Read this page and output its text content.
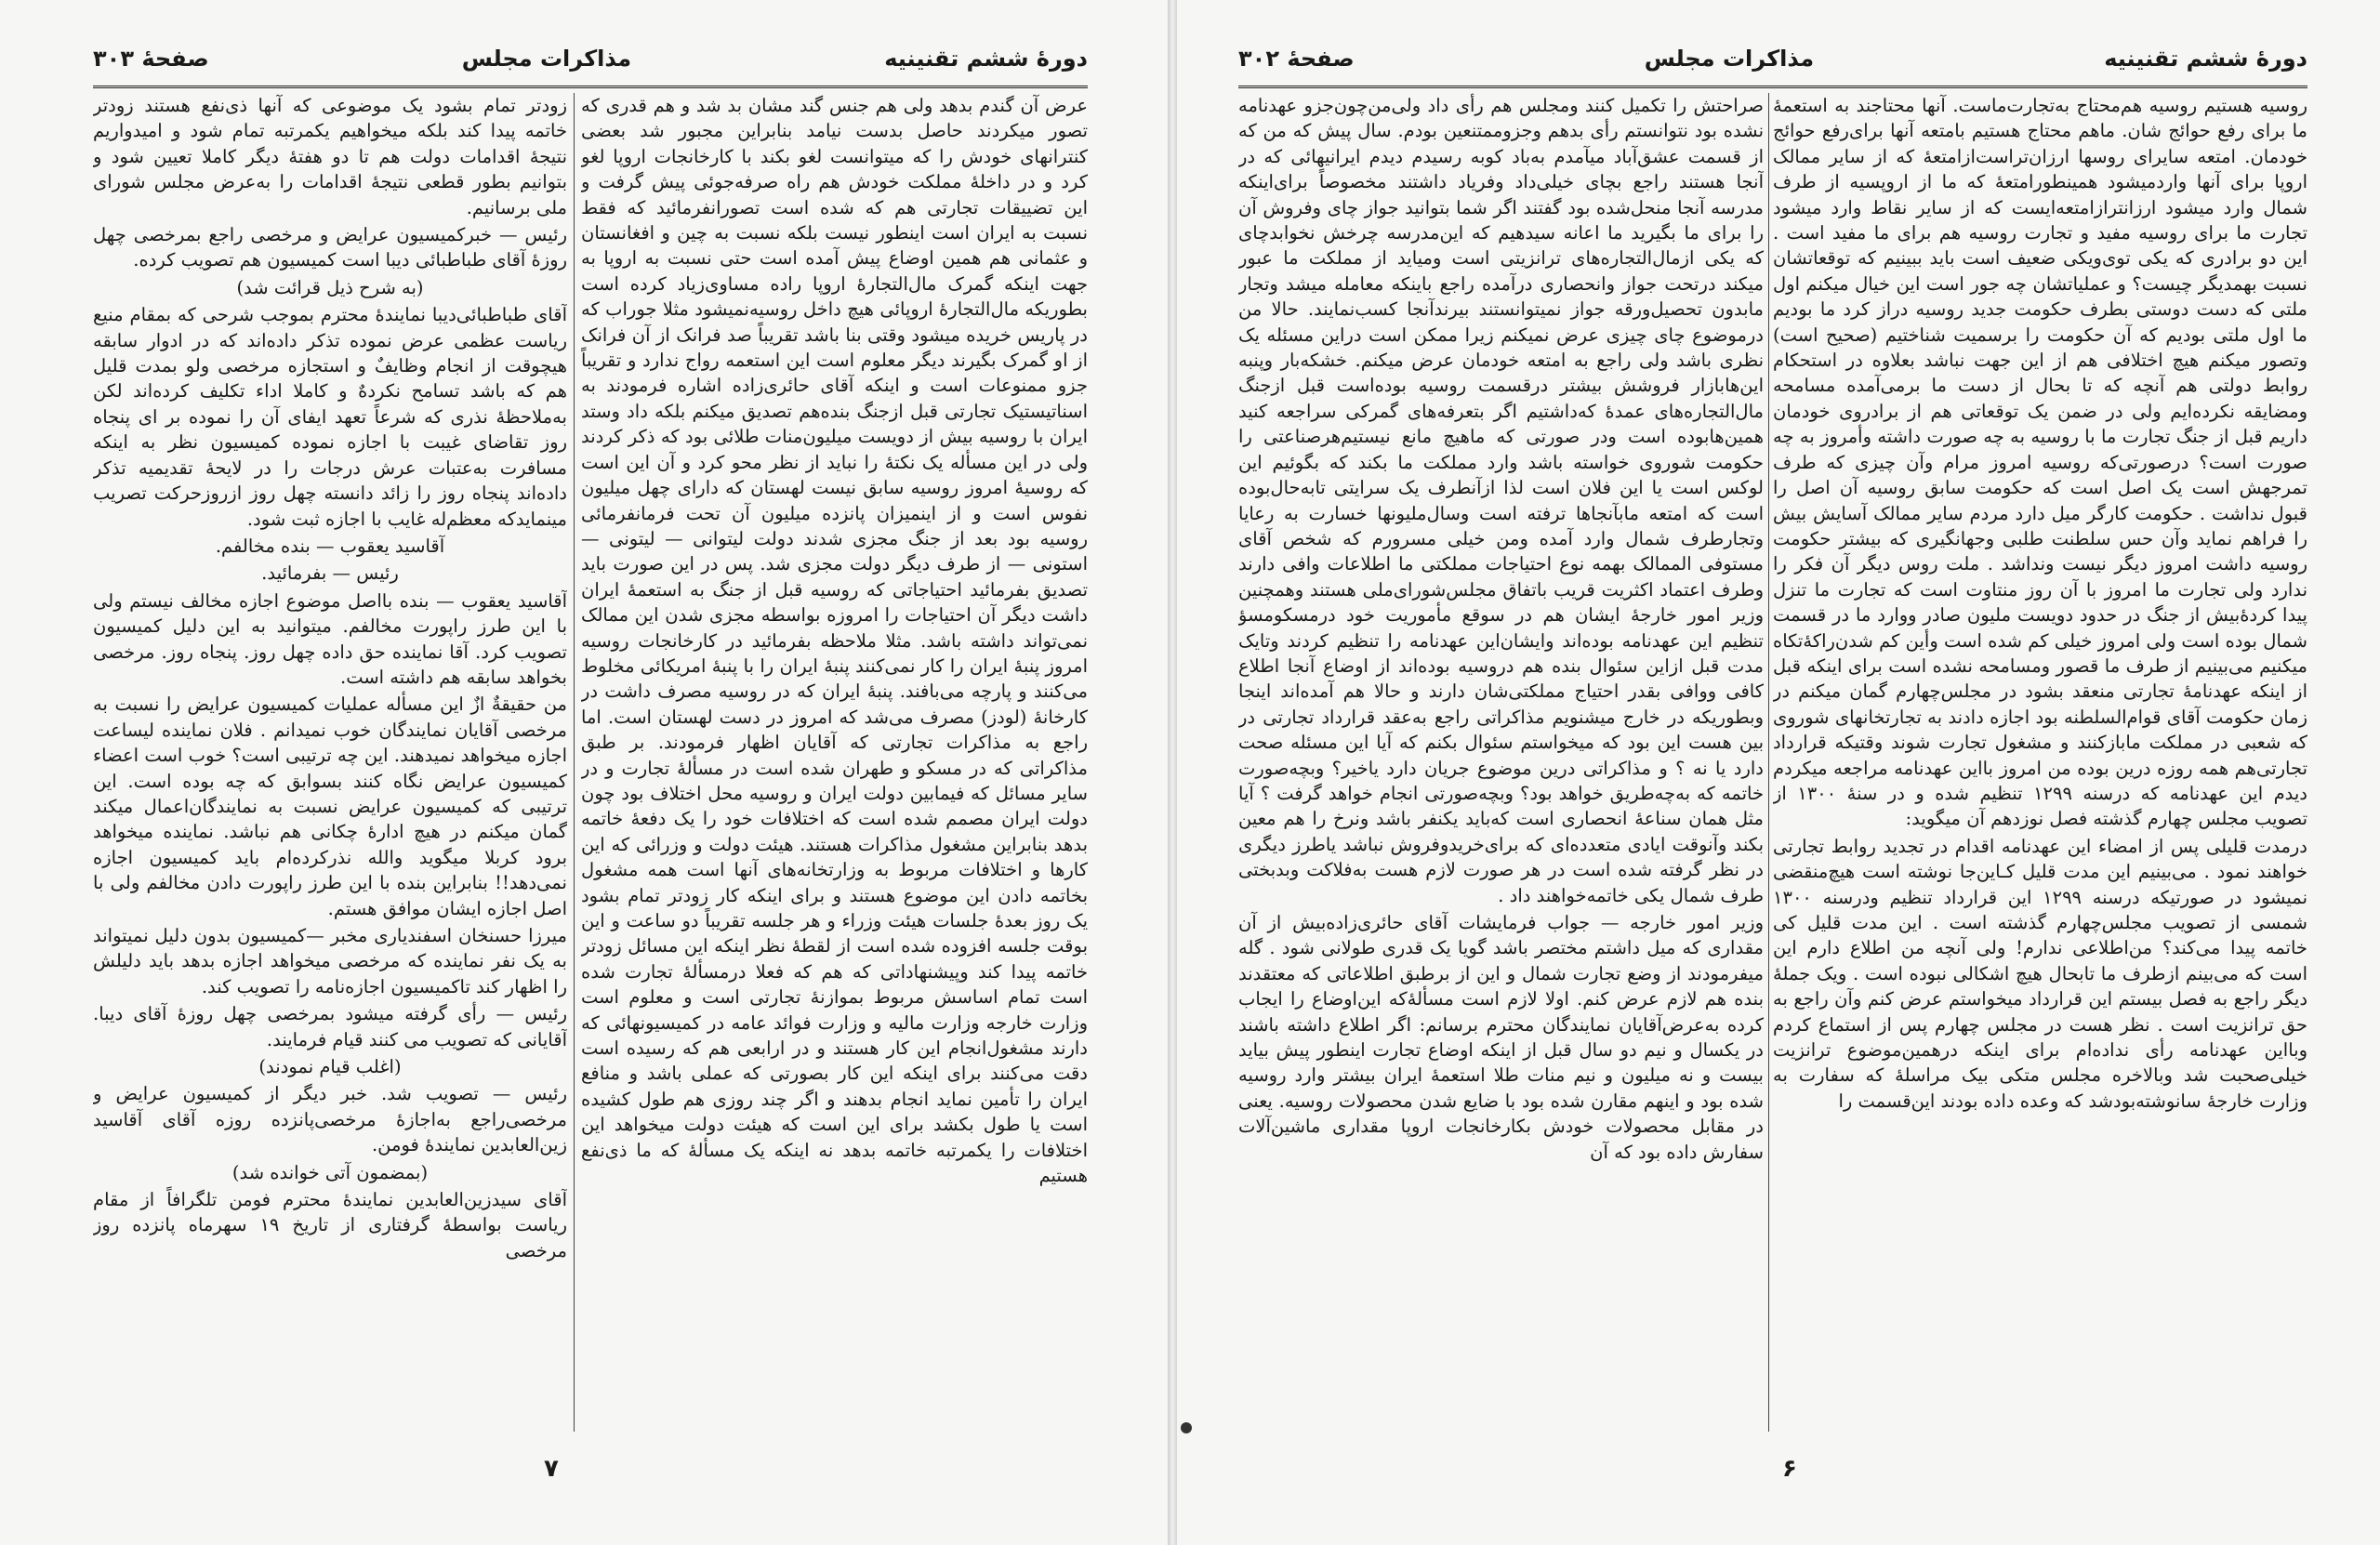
دورهٔ ششم تقنینیه
مذاکرات مجلس
صفحهٔ ۳۰۲

روسیه هستیم روسیه هم‌محتاج به‌تجارت‌ماست. آنها محتاجند به استعمهٔ ما برای رفع حوائج شان. ماهم محتاج هستیم بامتعه آنها برای‌رفع حوائج خودمان. امتعه سایرای روسها ارزان‌تراست‌ازامتعهٔ که از سایر ممالک اروپا برای آنها واردمیشود همینطورامتعهٔ که ما از اروپسیه از طرف شمال وارد میشود ارزانترازامتعه‌ایست که از سایر نقاط وارد میشود تجارت ما برای روسیه مفید و تجارت روسیه هم برای ما مفید است . این دو برادری که یکی توی‌ویکی ضعیف است باید ببینیم که توقعاتشان نسبت بهمدیگر چیست؟ و عملیاتشان چه جور است این خیال میکنم اول ملتی که دست دوستی بطرف حکومت جدید روسیه دراز کرد ما بودیم ما اول ملتی بودیم که آن حکومت را برسمیت شناختیم (صحیح است) وتصور میکنم هیچ اختلافی هم از این جهت نباشد بعلاوه در استحکام روابط دولتی هم آنچه که تا بحال از دست ما برمی‌آمده مسامحه ومضایقه نکرده‌ایم ولی در ضمن یک توقعاتی هم از برادروی خودمان داریم قبل از جنگ تجارت ما با روسیه به چه صورت داشته وأمروز به چه صورت است؟ درصورتی‌که روسیه امروز مرام وآن چیزی که طرف تمرجهش است یک اصل است که حکومت سابق روسیه آن اصل را قبول نداشت . حکومت کارگر میل دارد مردم سایر ممالک آسایش بیش را فراهم نماید وآن حس سلطنت طلبی وجهانگیری که بیشتر حکومت روسیه داشت امروز دیگر نیست ونداشد . ملت روس دیگر آن فکر را ندارد ولی تجارت ما امروز با آن روز منتاوت است که تجارت ما تنزل پیدا کردهٔ‌بیش از جنگ در حدود دویست ملیون صادر ووارد ما در قسمت شمال بوده است ولی امروز خیلی کم شده است وأین کم شدن‌راکهٔ‌تکاه میکنیم می‌بینیم از طرف ما قصور ومسامحه نشده است برای اینکه قبل از اینکه عهدنامهٔ تجارتی منعقد بشود در مجلس‌چهارم گمان میکنم در زمان حکومت آقای قوام‌السلطنه بود اجازه دادند به تجارتخانهای شوروی که شعبی در مملکت ماباز‌کنند و مشغول تجارت شوند وقتیکه قرارداد تجارتی‌هم همه روزه درین بوده من امروز بااین عهدنامه مراجعه میکردم دیدم این عهدنامه که درسنه ۱۲۹۹ تنظیم شده و در سنهٔ ۱۳۰۰ از تصویب مجلس چهارم گذشته فصل نوزدهم آن میگوید:

درمدت قلیلی پس از امضاء این عهدنامه اقدام در تجدید روابط تجارتی خواهند نمود . می‌بینیم این مدت قلیل کـاین‌جا نوشته است هیچ‌منقضی نمیشود در صورتیکه درسنه ۱۲۹۹ این قرارداد تنظیم ودرسنه ۱۳۰۰ شمسی از تصویب مجلس‌چهارم گذشته است . این مدت قلیل کی خاتمه پیدا می‌کند؟ من‌اطلاعی ندارم! ولی آنچه من اطلاع دارم این است که می‌بینم ازطرف ما تابحال هیچ اشکالی نبوده است . ویک جملهٔ دیگر راجع به فصل بیستم این قرارداد میخواستم عرض کنم وآن راجع به حق ترانزیت است . نظر هست در مجلس چهارم پس از استماع کردم وبااین عهدنامه رأی نداده‌ام برای اینکه درهمین‌موضوع ترانزیت خیلی‌صحبت شد وبالاخره مجلس متکی بیک مراسلهٔ که سفارت به وزارت خارجهٔ سانوشته‌بودشد که وعده داده بودند این‌قسمت را

صراحتش را تکمیل کنند ومجلس هم رأی داد ولی‌من‌چون‌جزو عهدنامه نشده بود نتوانستم رأی بدهم وجزوممتنعین بودم. سال پیش که من که از قسمت عشق‌آباد میآمدم به‌باد کوبه رسیدم دیدم ایرانیهائی که در آنجا هستند راجع بچای خیلی‌داد وفریاد داشتند مخصوصاً برای‌اینکه مدرسه آنجا منحل‌شده بود گفتند اگر شما بتوانید جواز چای وفروش آن را برای ما بگیرید ما اعانه سیدهیم که این‌مدرسه چرخش نخوابدچای که یکی ازمال‌التجاره‌های ترانزیتی است ومیاید از مملکت ما عبور میکند درتحت جواز وانحصاری درآمده راجع باینکه معامله میشد وتجار مابدون تحصیل‌ورقه جواز نمیتوانستند بیرندآنجا کسب‌نمایند. حالا من درموضوع چای چیزی عرض نمیکنم زیرا ممکن است دراین مسئله یک نظری باشد ولی راجع به امتعه خودمان عرض میکنم. خشکه‌بار وپنبه این‌هاباز‌ار فروشش بیشتر درقسمت روسیه بوده‌است قبل ازجنگ مال‌التجاره‌های عمدهٔ که‌داشتیم اگر بتعرفه‌های گمرکی سراجعه کنید همین‌ها‌بوده است ودر صورتی که ماهیچ مانع نیستیم‌هرصناعتی را حکومت شوروی خواسته باشد وارد مملکت ما بکند که بگوئیم این لوکس است یا این فلان است لذا ازآنطرف یک سرایتی تابه‌حال‌بوده است که امتعه ما‌بآنجاها ترفته است وسال‌ملیونها خسارت به رعایا وتجارطرف شمال وارد آمده ومن خیلی مسرورم که شخص آقای مستوفی الممالک بهمه نوع احتیاجات مملکتی ما اطلاعات وافی دارند وطرف اعتماد اکثریت قریب باتفاق مجلس‌شورای‌ملی هستند وهمچنین وزیر امور خارجهٔ ایشان هم در سوقع مأموریت خود درمسکو‌مسؤ تنظیم این عهدنامه بوده‌اند وایشان‌این عهدنامه را تنظیم کردند وتایک مدت قبل ازاین سئوال بنده هم دروسیه بوده‌اند از اوضاع آنجا اطلاع کافی ووافی بقدر احتیاج مملکتی‌شان دارند و حالا هم آمده‌اند اینجا وبطوریکه در خارج میشنویم مذاکراتی راجع به‌عقد قرارداد تجارتی در بین هست این بود که میخواستم سئوال بکنم که آیا این مسئله صحت دارد یا نه ؟ و مذاکراتی درین موضوع جریان دارد یاخیر؟ وبچه‌صورت خاتمه که به‌چه‌طریق خواهد بود؟ وبچه‌صورتی انجام خواهد گرفت ؟ آیا مثل همان سناعهٔ انحصاری است که‌باید یکنفر باشد ونرخ را هم معین بکند وآنوقت ایادی متعدده‌ای که برای‌خریدوفروش نباشد یاطرز دیگری در نظر گرفته شده است در هر صورت لازم هست به‌فلاکت وبدبختی طرف شمال یکی خاتمه‌خواهند داد .

وزیر امور خارجه — جواب فرمایشات آقای حائری‌زاده‌بیش از آن مقداری که میل داشتم مختصر باشد گویا یک قدری طولانی شود . گله میفرمودند از وضع تجارت شمال و این از برطبق اطلاعاتی که معتقدند بنده هم لازم عرض کنم. اولا لازم است مسألهٔ‌که این‌اوضاع را ایجاب کرده به‌عرض‌آقایان نمایندگان محترم برسانم: اگر اطلاع داشته باشند در یکسال و نیم دو سال قبل از اینکه اوضاع تجارت اینطور پیش بیاید بیست و نه میلیون و نیم منات طلا استعمهٔ ایران بیشتر وارد روسیه شده بود و اینهم مقارن شده بود با ضایع شدن محصولات روسیه. یعنی در مقابل محصولات خودش بکارخانجات اروپا مقداری ماشین‌آلات سفارش داده بود که آن

۶
دورهٔ ششم تقنینیه
مذاکرات مجلس
صفحهٔ ۳۰۳

عرض آن گندم بدهد ولی هم جنس گند مشان بد شد و هم قدری که تصور میکردند حاصل بدست نیامد بنابراین مجبور شد بعضی کنترانهای خودش را که میتوانست لغو بکند با کارخانجات اروپا لغو کرد و در داخلهٔ مملکت خودش هم راه صرفه‌جوئی پیش گرفت و این تضییقات تجارتی هم که شده است تصورانفرمائید که فقط نسبت به ایران است اینطور نیست بلکه نسبت به چین و افغانستان و عثمانی هم همین اوضاع پیش آمده است حتی نسبت به اروپا به جهت اینکه گمرک مال‌التجارهٔ اروپا راده مساوی‌زیاد کرده است بطوریکه مال‌التجارهٔ اروپائی هیچ داخل روسیه‌نمیشود مثلا جوراب که در پاریس خریده میشود وقتی بنا باشد تقریباً صد فرانک از آن فرانک از او گمرک بگیرند دیگر معلوم است این استعمه رواج ندارد و تقریباً جزو ممنوعات است و اینکه آقای حائری‌زاده اشاره فرمودند به اسناتیستیک تجارتی قبل ازجنگ بنده‌هم تصدیق میکنم بلکه داد وستد ایران با روسیه بیش از دویست میلیون‌منات طلائی بود که ذکر کردند ولی در این مسأله یک نکتهٔ را نباید از نظر محو کرد و آن این است که روسیهٔ امروز روسیه سابق نیست لهستان که دارای چهل میلیون نفوس است و از اینمیزان پانزده میلیون آن تحت فرمانفرمائی روسیه بود بعد از جنگ مجزی شدند دولت لیتوانی — لیتونی — استونی — از طرف دیگر دولت مجزی شد. پس در این صورت باید تصدیق بفرمائید احتیاجاتی که روسیه قبل از جنگ به استعمهٔ ایران داشت دیگر آن احتیاجات را امروزه بواسطه مجزی شدن این ممالک نمی‌تواند داشته باشد. مثلا ملاحظه بفرمائید در کارخانجات روسیه امروز پنبهٔ ایران را کار نمی‌کنند پنبهٔ ایران را با پنبهٔ امریکائی مخلوط می‌کنند و پارچه می‌بافند. پنبهٔ ایران که در روسیه مصرف داشت در کارخانهٔ (لودز) مصرف می‌شد که امروز در دست لهستان است. اما راجع به مذاکرات تجارتی که آقایان اظهار فرمودند. بر طبق مذاکراتی که در مسکو و طهران شده است در مسألهٔ تجارت و در سایر مسائل که فیمابین دولت ایران و روسیه محل اختلاف بود چون دولت ایران مصمم شده است که اختلافات خود را یک دفعهٔ خاتمه بدهد بنابراین مشغول مذاکرات هستند. هیئت دولت و وزرائی که این کارها و اختلافات مربوط به وزارتخانه‌های آنها است همه مشغول بخاتمه دادن این موضوع هستند و برای اینکه کار زودتر تمام بشود یک روز بعدهٔ جلسات هیئت وزراء و هر جلسه تقریباً دو ساعت و این بوقت جلسه افزوده شده است از لقطهٔ نظر اینکه این مسائل زودتر خاتمه پیدا کند وپیشنهاداتی که هم که فعلا درمسألهٔ تجارت شده است تمام اساسش مربوط بموازنهٔ تجارتی است و معلوم است وزارت خارجه وزارت مالیه و وزارت فوائد عامه در کمیسیونهائی که دارند مشغول‌انجام این کار هستند و در ارابعی هم که رسیده است دقت می‌کنند برای اینکه این کار بصورتی که عملی باشد و منافع ایران را تأمین نماید انجام بدهند و اگر چند روزی هم طول کشیده است یا طول بکشد برای این است که هیئت دولت میخواهد این اختلافات را یکمرتبه خاتمه بدهد نه اینکه یک مسألهٔ که ما ذی‌نفع هستیم

زودتر تمام بشود یک موضوعی که آنها ذی‌نفع هستند زودتر خاتمه پیدا کند بلکه میخواهیم یکمرتبه تمام شود و امیدواریم نتیجهٔ اقدامات دولت هم تا دو هفتهٔ دیگر کاملا تعیین شود و بتوانیم بطور قطعی نتیجهٔ اقدامات را به‌عرض مجلس شورای ملی برسانیم.

رئیس — خبرکمیسیون عرایض و مرخصی راجع بمرخصی چهل روزهٔ آقای طباطبائی دیبا است کمیسیون هم تصویب کرده.

(به شرح ذیل قرائت شد)

آقای طباطبائی‌دیبا نمایندهٔ محترم بموجب شرحی که بمقام منیع ریاست عظمی عرض نموده تذکر داده‌اند که در ادوار سابقه هیچوقت از انجام وظایف‌ٌ و استجازه مرخصی ولو بمدت قلیل هم که باشد تسامح نکرده‌ٌ و کاملا اداء تکلیف کرده‌اند لکن به‌ملاحظهٔ نذری که شرعاً تعهد ایفای آن را نموده بر ای پنجاه روز تقاضای غیبت با اجازه نموده کمیسیون نظر به اینکه مسافرت به‌عتبات عرش درجات را در لایحهٔ تقدیمیه تذکر داده‌اند پنجاه روز را زائد دانسته چهل روز ازروزحرکت تصریب مینمایدکه معظم‌له غایب با اجازه ثبت شود.

آقاسید یعقوب — بنده مخالفم.

رئیس — بفرمائید.

آقاسید یعقوب — بنده بااصل موضوع اجازه مخالف نیستم ولی با این طرز راپورت مخالفم. میتوانید به این دلیل کمیسیون تصویب کرد. آقا نماینده حق داده چهل روز. پنجاه روز. مرخصی بخواهد سابقه هم داشته است.

من حقیقةٌ ازٌ این مسأله عملیات کمیسیون عرایض را نسبت به مرخصی آقایان نمایندگان خوب نمیدانم . فلان نماینده لیساعت اجازه میخواهد نمیدهند. این چه ترتیبی است؟ خوب است اعضاء کمیسیون عرایض نگاه کنند بسوابق که چه بوده است. این ترتیبی که کمیسیون عرایض نسبت به نمایندگان‌اعمال میکند گمان میکنم در هیچ ادارهٔ چکانی هم نباشد. نماینده میخواهد برود کربلا میگوید والله نذرکرده‌ام باید کمیسیون اجازه نمی‌دهد!! بنابراین بنده با این طرز راپورت دادن مخالفم ولی با اصل اجازه ایشان موافق هستم.

میرزا حسنخان اسفندیاری مخبر —کمیسیون بدون دلیل نمیتواند به یک نفر نماینده که مرخصی میخواهد اجازه بدهد باید دلیلش را اظهار کند تاکمیسیون اجازه‌نامه را تصویب کند.

رئیس — رأی گرفته میشود بمرخصی چهل روزهٔ آقای دیبا. آقایانی که تصویب می کنند قیام فرمایند.

(اغلب قیام نمودند)

رئیس — تصویب شد. خبر دیگر از کمیسیون عرایض و مرخصی‌راجع به‌اجازهٔ مرخصی‌پانزده روزه آقای آقاسید زین‌العابدین نمایندهٔ فومن.

(بمضمون آتی خوانده شد)

آقای سیدزین‌العابدین نمایندهٔ محترم فومن تلگرافاً از مقام ریاست بواسطهٔ گرفتاری از تاریخ ۱۹ سهرماه پانزده روز مرخصی

۷
